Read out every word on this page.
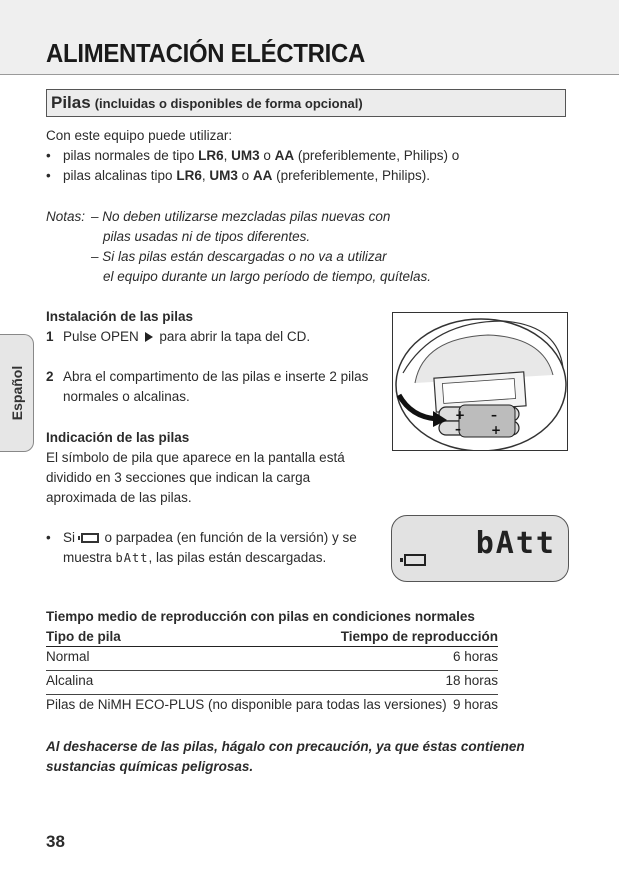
ALIMENTACIÓN ELÉCTRICA
Pilas (incluidas o disponibles de forma opcional)
Español
Con este equipo puede utilizar:
• pilas normales de tipo LR6, UM3 o AA (preferiblemente, Philips) o
• pilas alcalinas tipo LR6, UM3 o AA (preferiblemente, Philips).
Notas: – No deben utilizarse mezcladas pilas nuevas con
pilas usadas ni de tipos diferentes.
– Si las pilas están descargadas o no va a utilizar
el equipo durante un largo período de tiempo, quítelas.
Instalación de las pilas
1 Pulse OPEN para abrir la tapa del CD.
2 Abra el compartimento de las pilas e inserte 2 pilas
normales o alcalinas.
+ –
–	+
Indicación de las pilas
El símbolo de pila que aparece en la pantalla está
dividido en 3 secciones que indican la carga
aproximada de las pilas.
• Si o parpadea (en función de la versión) y se
muestra bAtt, las pilas están descargadas.	bAtt
Tiempo medio de reproducción con pilas en condiciones normales
Tipo de pila	Tiempo de reproducción
Normal	6 horas
Alcalina	18 horas
Pilas de NiMH ECO-PLUS (no disponible para todas las versiones) 9 horas
Al deshacerse de las pilas, hágalo con precaución, ya que éstas contienen
sustancias químicas peligrosas.
38
